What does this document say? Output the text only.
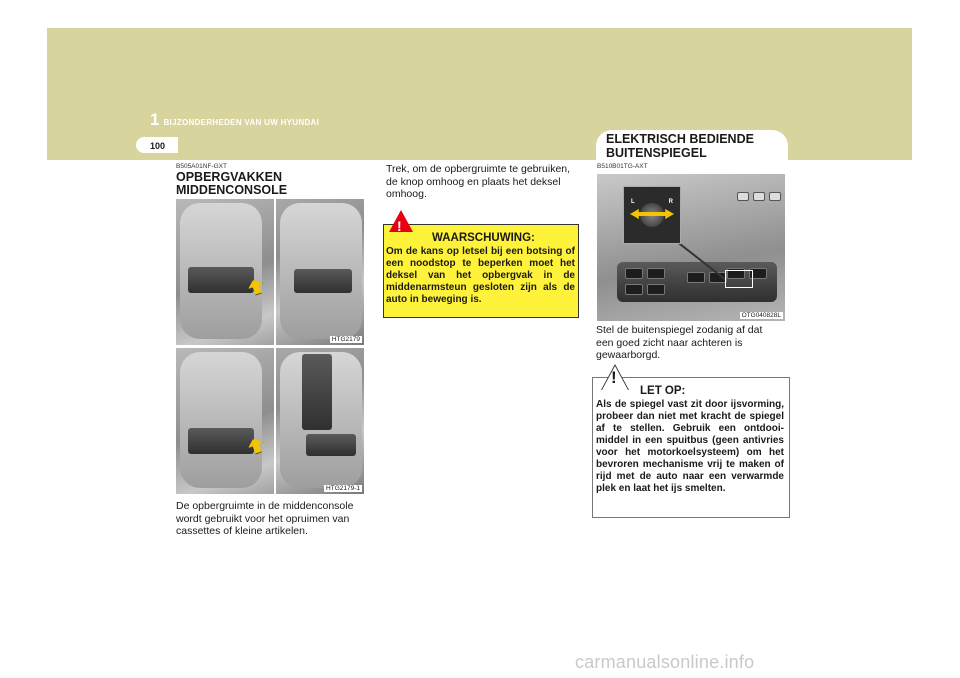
1 BIJZONDERHEDEN VAN UW HYUNDAI
100	ELEKTRISCH BEDIENDE
BUITENSPIEGEL
B505A01NF-GXT
OPBERGVAKKEN
MIDDENCONSOLE
HTG2179
HTG2179-1
De opbergruimte in de middenconsole
wordt gebruikt voor het opruimen van
cassettes of kleine artikelen.
Trek, om de opbergruimte te gebruiken,
de knop omhoog en plaats het deksel
omhoog.
!
WAARSCHUWING:
Om de kans op letsel bij een botsing of een noodstop te beperken moet het deksel van het opbergvak in de middenarmsteun gesloten zijn als de auto in beweging is.
B510B01TG-AXT
L	R
OTG040828L
Stel de buitenspiegel zodanig af dat
een goed zicht naar achteren is
gewaarborgd.
!
LET OP:
Als de spiegel vast zit door ijsvorming, probeer dan niet met kracht de spiegel af te stellen. Gebruik een ontdooi-middel in een spuitbus (geen antivries voor het motorkoelsysteem) om het bevroren mechanisme vrij te maken of rijd met de auto naar een verwarmde plek en laat het ijs smelten.
carmanualsonline.info
